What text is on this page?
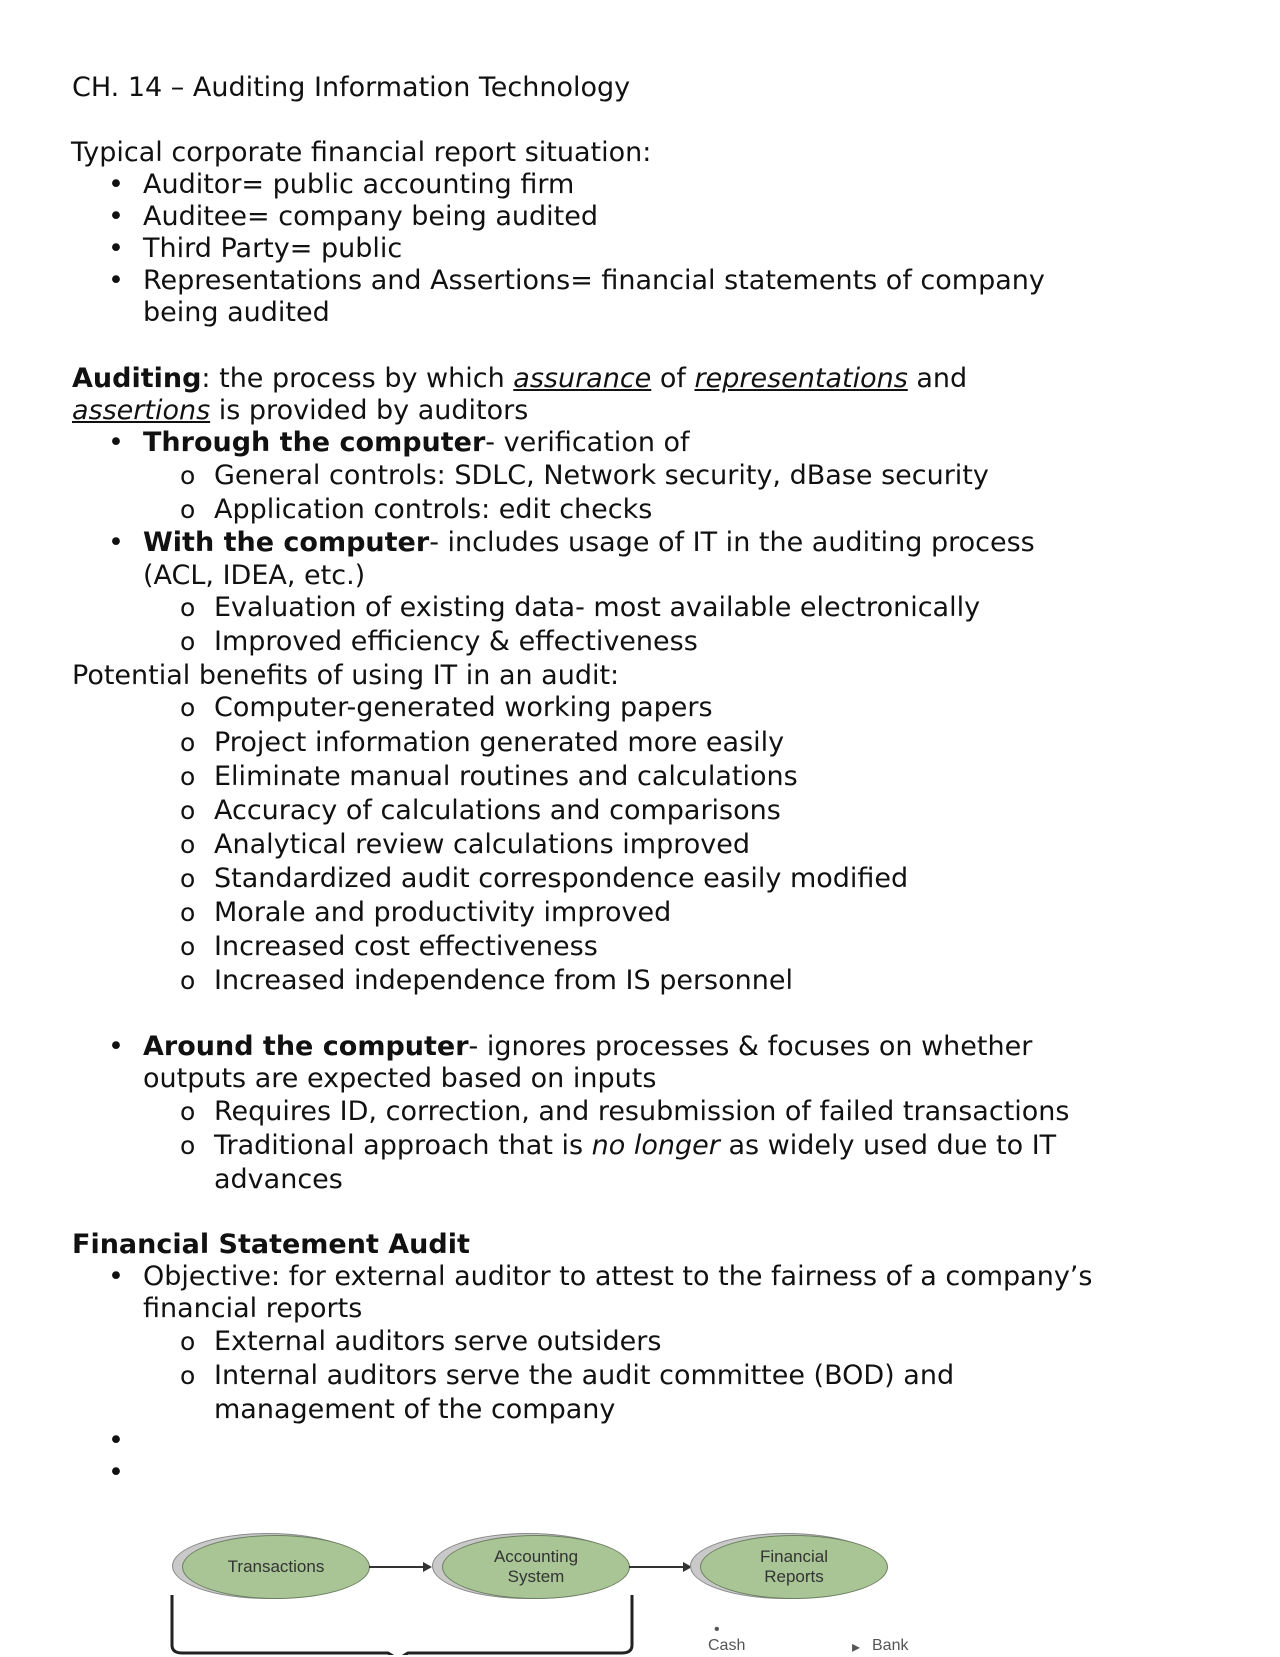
CH. 14 – Auditing Information Technology
Typical corporate financial report situation:
• Auditor= public accounting firm
• Auditee= company being audited
• Third Party= public
• Representations and Assertions= financial statements of company
being audited
Auditing: the process by which assurance of representations and
assertions is provided by auditors
• Through the computer- verification of
o General controls: SDLC, Network security, dBase security
o Application controls: edit checks
• With the computer- includes usage of IT in the auditing process
(ACL, IDEA, etc.)
o Evaluation of existing data- most available electronically
o Improved efficiency & effectiveness
Potential benefits of using IT in an audit:
o Computer-generated working papers
o Project information generated more easily
o Eliminate manual routines and calculations
o Accuracy of calculations and comparisons
o Analytical review calculations improved
o Standardized audit correspondence easily modified
o Morale and productivity improved
o Increased cost effectiveness
o Increased independence from IS personnel
• Around the computer- ignores processes & focuses on whether
outputs are expected based on inputs
o Requires ID, correction, and resubmission of failed transactions
o Traditional approach that is no longer as widely used due to IT
advances
Financial Statement Audit
• Objective: for external auditor to attest to the fairness of a company’s
financial reports
o External auditors serve outsiders
o Internal auditors serve the audit committee (BOD) and
management of the company
•
•
Transactions
Accounting
System
Financial
Reports
•
Cash	▸ Bank
